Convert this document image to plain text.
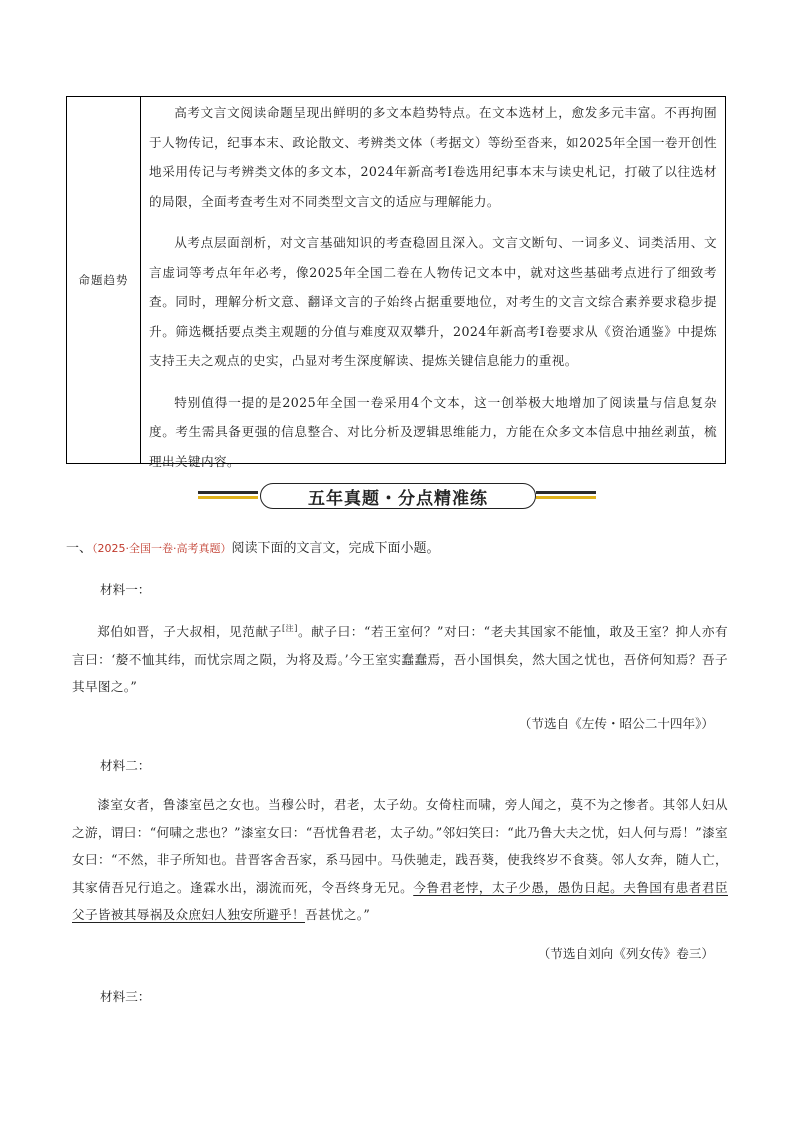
命题趋势

高考文言文阅读命题呈现出鲜明的多文本趋势特点。在文本选材上，愈发多元丰富。不再拘囿于人物传记，纪事本末、政论散文、考辨类文体（考据文）等纷至沓来，如2025年全国一卷开创性地采用传记与考辨类文体的多文本，2024年新高考Ⅰ卷选用纪事本末与读史札记，打破了以往选材的局限，全面考查考生对不同类型文言文的适应与理解能力。

从考点层面剖析，对文言基础知识的考查稳固且深入。文言文断句、一词多义、词类活用、文言虚词等考点年年必考，像2025年全国二卷在人物传记文本中，就对这些基础考点进行了细致考查。同时，理解分析文意、翻译文言的子始终占据重要地位，对考生的文言文综合素养要求稳步提升。筛选概括要点类主观题的分值与难度双双攀升，2024年新高考Ⅰ卷要求从《资治通鉴》中提炼支持王夫之观点的史实，凸显对考生深度解读、提炼关键信息能力的重视。

特别值得一提的是2025年全国一卷采用4个文本，这一创举极大地增加了阅读量与信息复杂度。考生需具备更强的信息整合、对比分析及逻辑思维能力，方能在众多文本信息中抽丝剥茧，梳理出关键内容。

五年真题・分点精准练
一、（2025·全国一卷·高考真题）阅读下面的文言文，完成下面小题。
材料一：
郑伯如晋，子大叔相，见范献子[注]。献子曰：“若王室何？”对曰：“老夫其国家不能恤，敢及王室？抑人亦有言曰：‘嫠不恤其纬，而忧宗周之陨，为将及焉。’今王室实蠢蠢焉，吾小国惧矣，然大国之忧也，吾侪何知焉？吾子其早图之。”
（节选自《左传・昭公二十四年》）
材料二：
漆室女者，鲁漆室邑之女也。当穆公时，君老，太子幼。女倚柱而啸，旁人闻之，莫不为之惨者。其邻人妇从之游，谓曰：“何啸之悲也？”漆室女曰：“吾忧鲁君老，太子幼。”邻妇笑曰：“此乃鲁大夫之忧，妇人何与焉！”漆室女曰：“不然，非子所知也。昔晋客舍吾家，系马园中。马佚驰走，践吾葵，使我终岁不食葵。邻人女奔，随人亡，其家倩吾兄行追之。逢霖水出，溺流而死，令吾终身无兄。今鲁君老悖，太子少愚，愚伪日起。夫鲁国有患者君臣父子皆被其辱祸及众庶妇人独安所避乎！吾甚忧之。”
（节选自刘向《列女传》卷三）
材料三：
